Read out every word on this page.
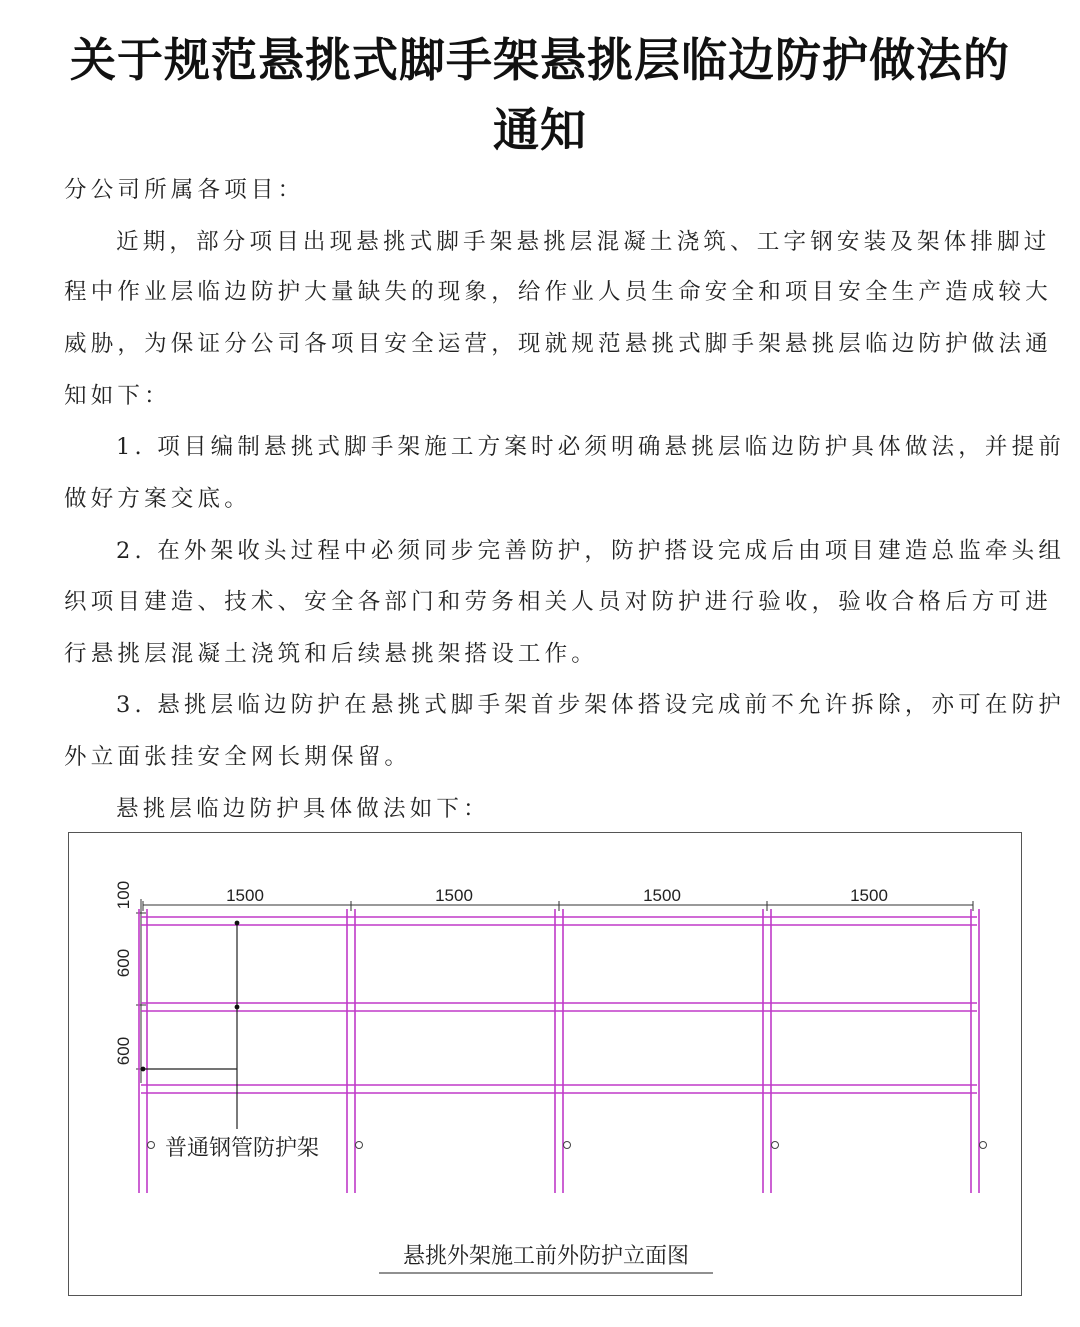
关于规范悬挑式脚手架悬挑层临边防护做法的
通知

分公司所属各项目：

近期，部分项目出现悬挑式脚手架悬挑层混凝土浇筑、工字钢安装及架体排脚过

程中作业层临边防护大量缺失的现象，给作业人员生命安全和项目安全生产造成较大

威胁，为保证分公司各项目安全运营，现就规范悬挑式脚手架悬挑层临边防护做法通

知如下：

1. 项目编制悬挑式脚手架施工方案时必须明确悬挑层临边防护具体做法，并提前

做好方案交底。

2. 在外架收头过程中必须同步完善防护，防护搭设完成后由项目建造总监牵头组

织项目建造、技术、安全各部门和劳务相关人员对防护进行验收，验收合格后方可进

行悬挑层混凝土浇筑和后续悬挑架搭设工作。

3. 悬挑层临边防护在悬挑式脚手架首步架体搭设完成前不允许拆除，亦可在防护

外立面张挂安全网长期保留。

悬挑层临边防护具体做法如下：

1500	1500	1500	1500
100
600
600
普通钢管防护架
悬挑外架施工前外防护立面图
